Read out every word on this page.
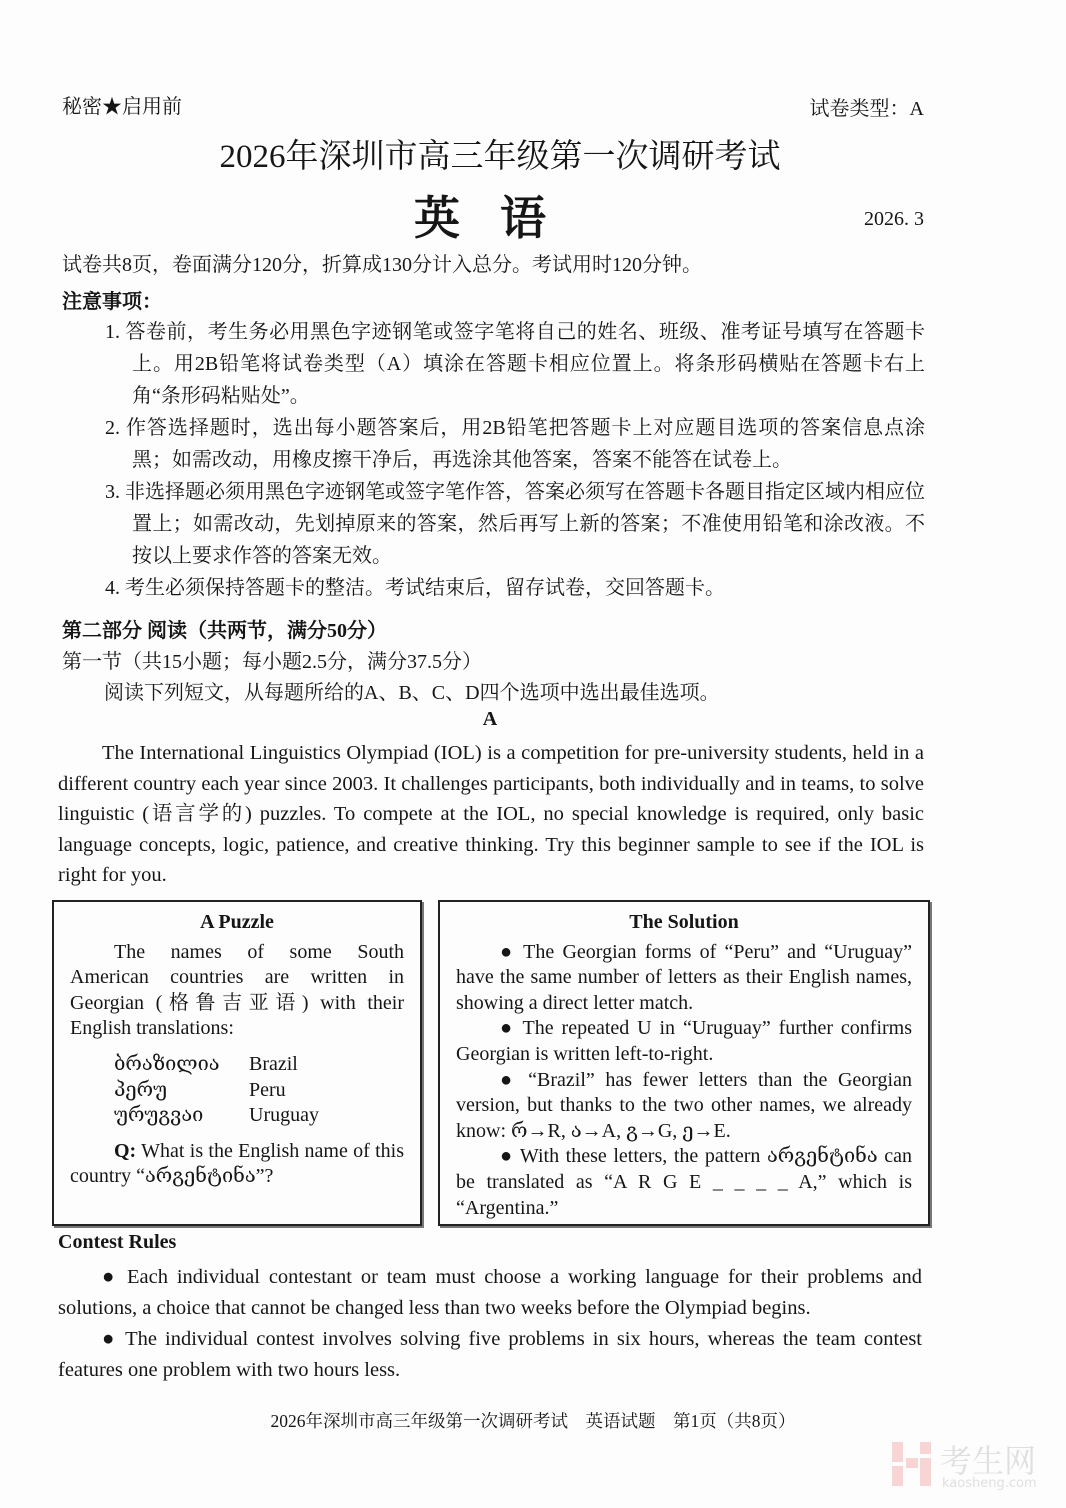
秘密★启用前	试卷类型：A
2026年深圳市高三年级第一次调研考试
英语	2026. 3
试卷共8页，卷面满分120分，折算成130分计入总分。考试用时120分钟。
注意事项：
1. 答卷前，考生务必用黑色字迹钢笔或签字笔将自己的姓名、班级、准考证号填写在答题卡上。用2B铅笔将试卷类型（A）填涂在答题卡相应位置上。将条形码横贴在答题卡右上角“条形码粘贴处”。
2. 作答选择题时，选出每小题答案后，用2B铅笔把答题卡上对应题目选项的答案信息点涂黑；如需改动，用橡皮擦干净后，再选涂其他答案，答案不能答在试卷上。
3. 非选择题必须用黑色字迹钢笔或签字笔作答，答案必须写在答题卡各题目指定区域内相应位置上；如需改动，先划掉原来的答案，然后再写上新的答案；不准使用铅笔和涂改液。不按以上要求作答的答案无效。
4. 考生必须保持答题卡的整洁。考试结束后，留存试卷，交回答题卡。
第二部分 阅读（共两节，满分50分）
第一节（共15小题；每小题2.5分，满分37.5分）
阅读下列短文，从每题所给的A、B、C、D四个选项中选出最佳选项。
A
The International Linguistics Olympiad (IOL) is a competition for pre-university students, held in a different country each year since 2003. It challenges participants, both individually and in teams, to solve linguistic (语言学的) puzzles. To compete at the IOL, no special knowledge is required, only basic language concepts, logic, patience, and creative thinking. Try this beginner sample to see if the IOL is right for you.
A Puzzle

The names of some South American countries are written in Georgian (格鲁吉亚语) with their English translations:

ბრაზილია	Brazil
პერუ	Peru
ურუგვაი	Uruguay

Q: What is the English name of this country “არგენტინა”?

The Solution

● The Georgian forms of “Peru” and “Uruguay” have the same number of letters as their English names, showing a direct letter match.

● The repeated U in “Uruguay” further confirms Georgian is written left-to-right.

● “Brazil” has fewer letters than the Georgian version, but thanks to the two other names, we already know: რ→R, ა→A, გ→G, ე→E.

● With these letters, the pattern არგენტინა can be translated as “A R G E _ _ _ _ A,” which is “Argentina.”

Contest Rules

● Each individual contestant or team must choose a working language for their problems and solutions, a choice that cannot be changed less than two weeks before the Olympiad begins.

● The individual contest involves solving five problems in six hours, whereas the team contest features one problem with two hours less.

2026年深圳市高三年级第一次调研考试　英语试题　第1页（共8页）
考生网
kaosheng.com
